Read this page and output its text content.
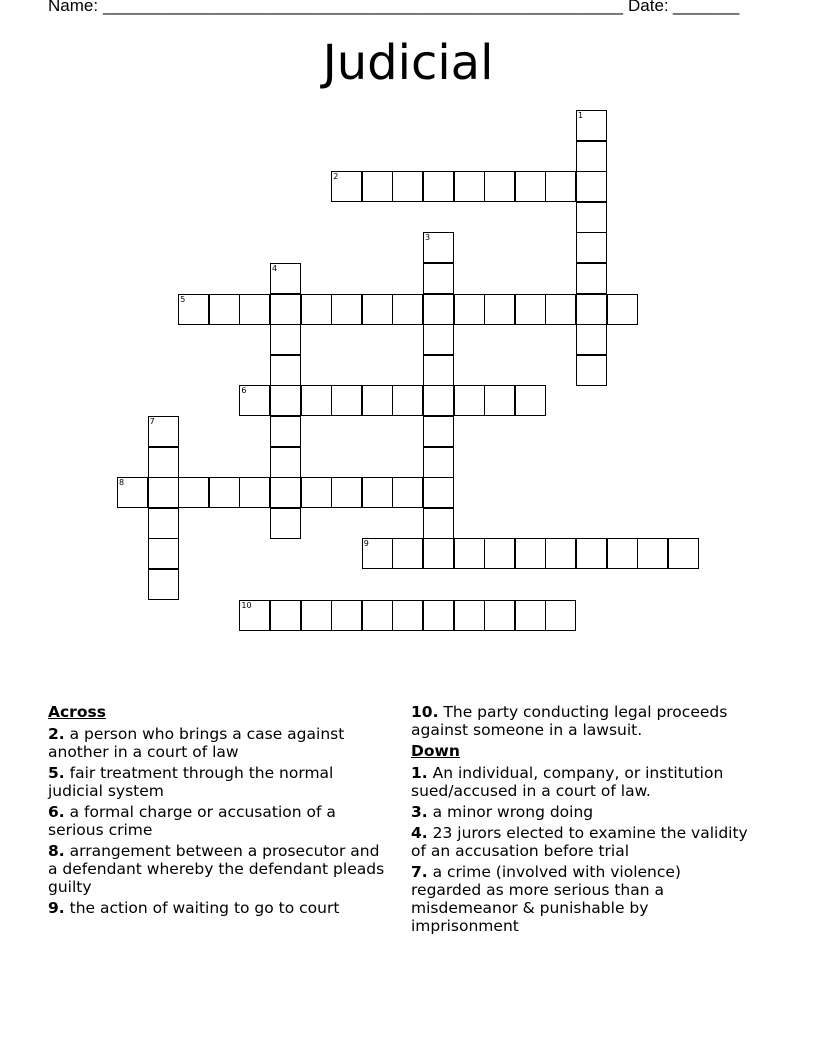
Name: _______________________________________________________ Date: _______
Judicial
1
2
3
4
5
6
7
8
9
10
Across
2. a person who brings a case against another in a court of law
5. fair treatment through the normal judicial system
6. a formal charge or accusation of a serious crime
8. arrangement between a prosecutor and a defendant whereby the defendant pleads guilty
9. the action of waiting to go to court
10. The party conducting legal proceeds against someone in a lawsuit.
Down
1. An individual, company, or institution sued/accused in a court of law.
3. a minor wrong doing
4. 23 jurors elected to examine the validity of an accusation before trial
7. a crime (involved with violence) regarded as more serious than a misdemeanor & punishable by imprisonment
